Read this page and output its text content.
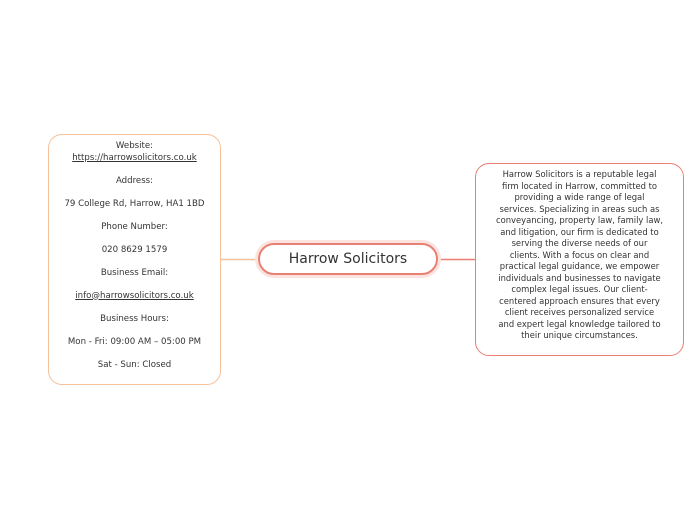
Website:
https://harrowsolicitors.co.uk
Address:
79 College Rd, Harrow, HA1 1BD
Phone Number:
020 8629 1579
Business Email:
info@harrowsolicitors.co.uk
Business Hours:
Mon - Fri: 09:00 AM – 05:00 PM
Sat - Sun: Closed
Harrow Solicitors
Harrow Solicitors is a reputable legal
firm located in Harrow, committed to
providing a wide range of legal
services. Specializing in areas such as
conveyancing, property law, family law,
and litigation, our firm is dedicated to
serving the diverse needs of our
clients. With a focus on clear and
practical legal guidance, we empower
individuals and businesses to navigate
complex legal issues. Our client-
centered approach ensures that every
client receives personalized service
and expert legal knowledge tailored to
their unique circumstances.
